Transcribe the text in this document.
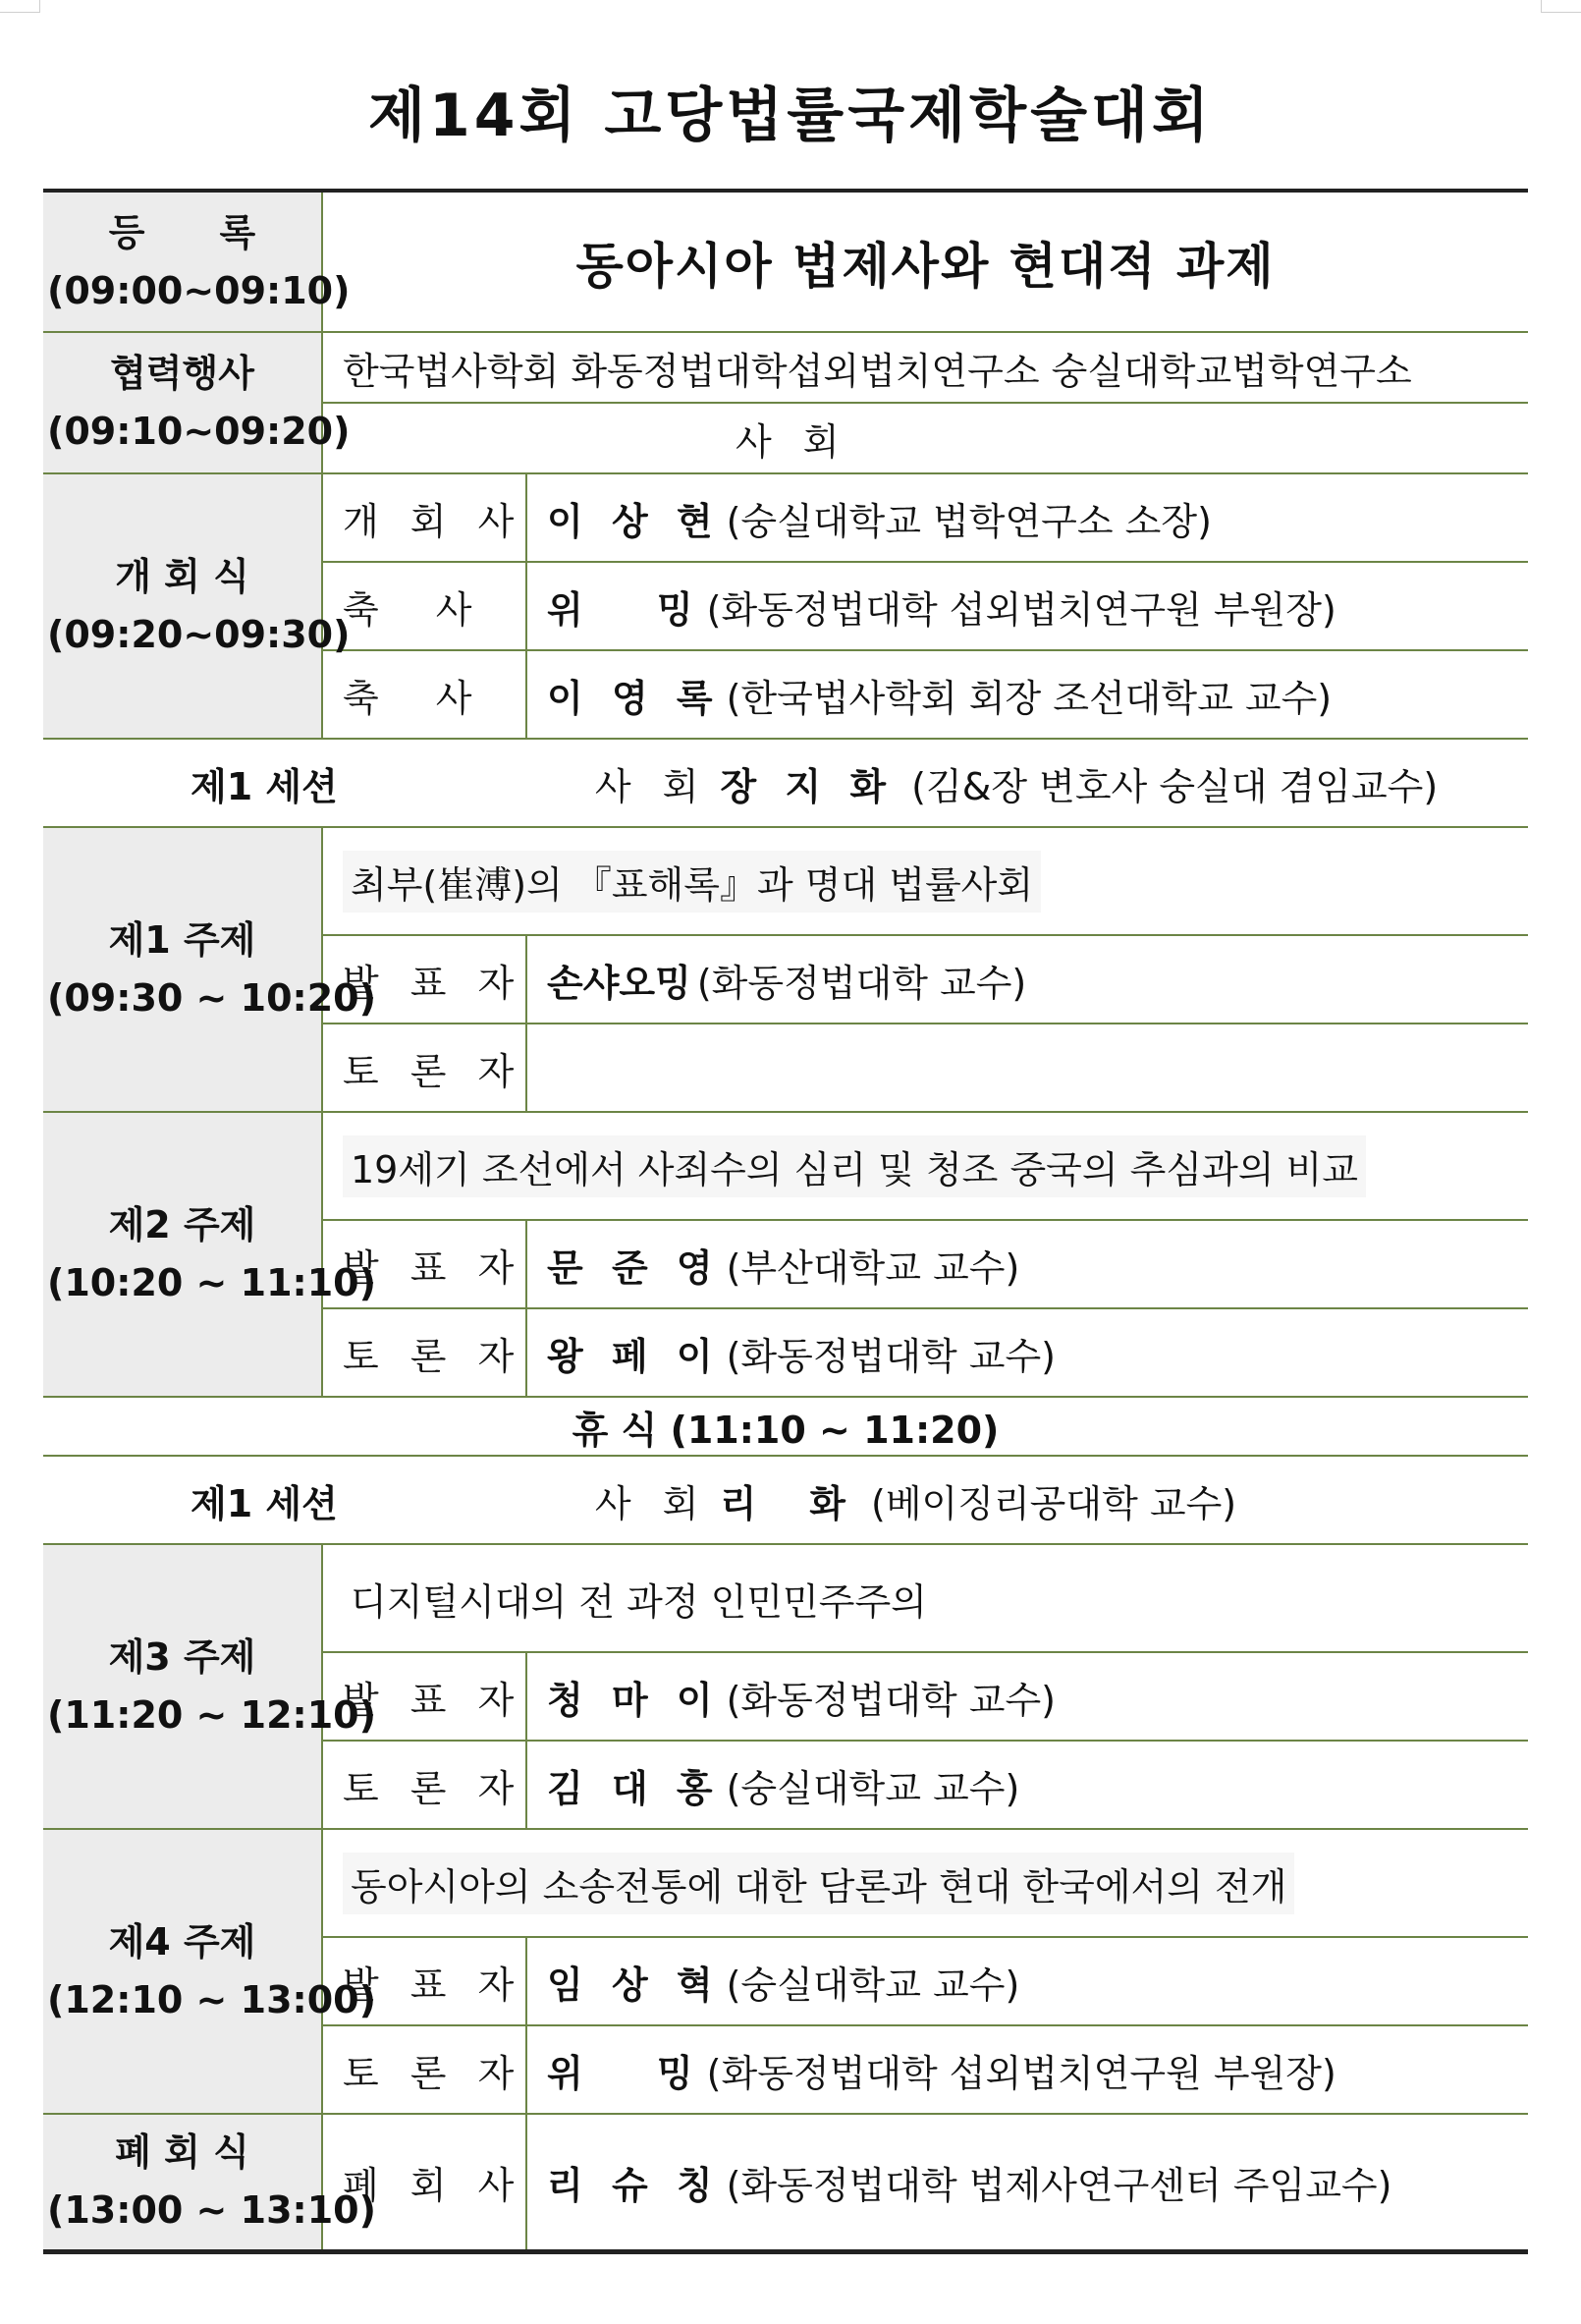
제14회 고당법률국제학술대회
등　　록
(09:00~09:10)	동아시아 법제사와 현대적 과제	

협력행사
(09:10~09:20)	한국법사학회 화동정법대학섭외법치연구소 숭실대학교법학연구소	
	사 회	

개 회 식
(09:20~09:30)	개 회 사	이 상 현 (숭실대학교 법학연구소 소장)
	축　사	위　 밍 (화동정법대학 섭외법치연구원 부원장)
	축　사	이 영 록 (한국법사학회 회장 조선대학교 교수)
제1 세션 사 회 장 지 화 (김&장 변호사 숭실대 겸임교수)		

제1 주제
(09:30 ~ 10:20)	최부(崔溥)의 『표해록』과 명대 법률사회	
	발 표 자	손샤오밍 (화동정법대학 교수)
	토 론 자	

제2 주제
(10:20 ~ 11:10)	19세기 조선에서 사죄수의 심리 및 청조 중국의 추심과의 비교	
	발 표 자	문 준 영 (부산대학교 교수)
	토 론 자	왕 페 이 (화동정법대학 교수)
휴 식 (11:10 ~ 11:20)		
제1 세션 사 회 리　화 (베이징리공대학 교수)		

제3 주제
(11:20 ~ 12:10)	디지털시대의 전 과정 인민민주주의	
	발 표 자	청 마 이 (화동정법대학 교수)
	토 론 자	김 대 홍 (숭실대학교 교수)

제4 주제
(12:10 ~ 13:00)	동아시아의 소송전통에 대한 담론과 현대 한국에서의 전개	
	발 표 자	임 상 혁 (숭실대학교 교수)
	토 론 자	위　 밍 (화동정법대학 섭외법치연구원 부원장)

폐 회 식
(13:00 ~ 13:10)	폐 회 사	리 슈 칭 (화동정법대학 법제사연구센터 주임교수)
